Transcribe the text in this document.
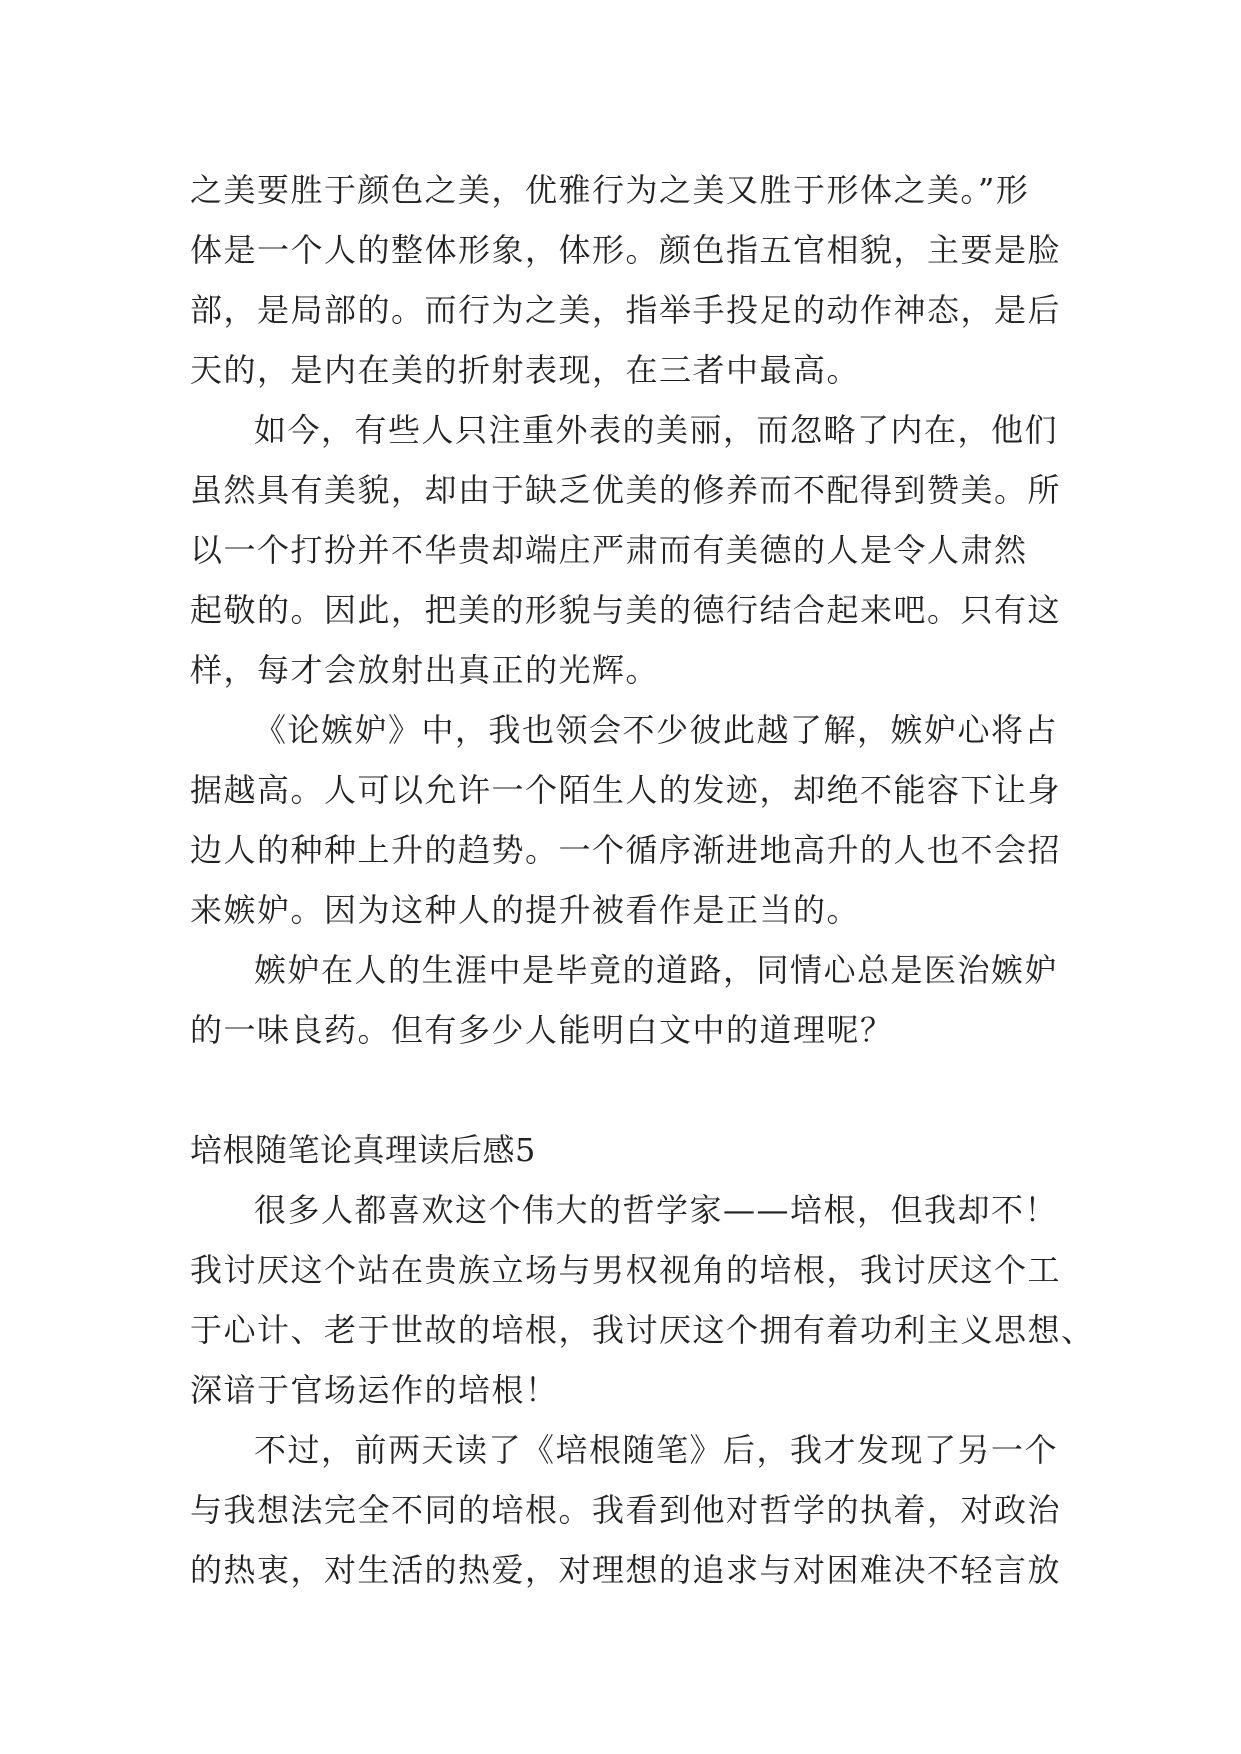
之美要胜于颜色之美，优雅行为之美又胜于形体之美。”形
体是一个人的整体形象，体形。颜色指五官相貌，主要是脸
部，是局部的。而行为之美，指举手投足的动作神态，是后
天的，是内在美的折射表现，在三者中最高。
如今，有些人只注重外表的美丽，而忽略了内在，他们
虽然具有美貌，却由于缺乏优美的修养而不配得到赞美。所
以一个打扮并不华贵却端庄严肃而有美德的人是令人肃然
起敬的。因此，把美的形貌与美的德行结合起来吧。只有这
样，每才会放射出真正的光辉。
《论嫉妒》中，我也领会不少彼此越了解，嫉妒心将占
据越高。人可以允许一个陌生人的发迹，却绝不能容下让身
边人的种种上升的趋势。一个循序渐进地高升的人也不会招
来嫉妒。因为这种人的提升被看作是正当的。
嫉妒在人的生涯中是毕竟的道路，同情心总是医治嫉妒
的一味良药。但有多少人能明白文中的道理呢？
培根随笔论真理读后感5
很多人都喜欢这个伟大的哲学家——培根，但我却不！
我讨厌这个站在贵族立场与男权视角的培根，我讨厌这个工
于心计、老于世故的培根，我讨厌这个拥有着功利主义思想、
深谙于官场运作的培根！
不过，前两天读了《培根随笔》后，我才发现了另一个
与我想法完全不同的培根。我看到他对哲学的执着，对政治
的热衷，对生活的热爱，对理想的追求与对困难决不轻言放
